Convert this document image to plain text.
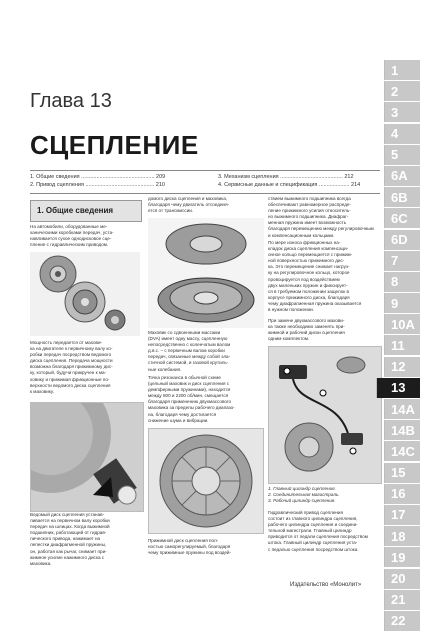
Глава 13
СЦЕПЛЕНИЕ
1. Общие сведения ................................................ 209
2. Привод сцепления ............................................. 210
3. Механизм сцепления ......................................... 212
4. Сервисные данные и спецификация .................... 214
1. Общие сведения
На автомобили, оборудованные ме-
ханическими коробками передач, уста-
навливается сухое однодисковое сце-
пление с гидравлическим приводом.
Мощность передается от махови-
ка на двигателе к первичному валу ко-
робки передач посредством ведомого
диска сцепления. Передача мощности
возможна благодаря прижимному дис-
ку, который, будучи прикручен к ма-
ховику и прижимая фрикционные по-
верхности ведомого диска сцепления
к маховику.
Ведомый диск сцепления устанав-
ливается на первичном валу коробки
передач на шлицах. Когда выжимной
подшипник, работающий от гидрав-
лического привода, нажимает на
лепестки диафрагменной пружины,
он, работая как рычаг, снимает при-
жимное усилие нажимного диска с
маховика.
домого диска сцепления и маховика,
благодаря чему двигатель отсоединя-
ется от трансмиссии.
Маховик со сдвоенными массами
(DVA) имеет одну массу, сцепленную
непосредственно с коленчатым валом
д.в.с. – с первичным валом коробки
передач, связанные между собой эла-
стичной системой, и газовой крутиль-
ные колебания.
Точка резонанса в обычной схеме
(цельный маховик и диск сцепления с
демпферными пружинами), находится
между 800 и 2200 об/мин, смещается
благодаря применению двухмассового
маховика за пределы рабочего диапазо-
на, благодаря чему достигается
снижение шума и вибрации.
Прижимной диск сцепления пол-
ностью саморегулируемый, благодаря
чему прижимные пружины под воздей-
ствием выжимного подшипника всегда
обеспечивают равномерное распреде-
ление прижимного усилия относитель-
но выжимного подшипника. Диафраг-
менная пружина имеет возможность
благодаря перемещению между регулировочным
и компенсационным кольцами.
По мере износа фрикционных на-
кладок диска сцепления компенсаци-
онное кольцо перемещается с прижим-
ной поверхностью прижимного дис-
ка. Это перемещение снижает нагруз-
ку на регулировочное кольцо, которое
провоцируется под воздействием
двух маленьких пружин и фиксирует-
ся в требуемом положении защелок в
корпусе прижимного диска, благодаря
чему диафрагменная пружина оказывается
в нужном положении.
При замене двухмассового махови-
ка также необходимо заменять при-
жимной и рабочий диски сцепления
одним комплектом.
1. Главный цилиндр сцепления.
2. Соединительная магистраль.
3. Рабочий цилиндр сцепления.
Гидравлический привод сцепления
состоит из главного цилиндра сцепления,
рабочего цилиндра сцепления и соедини-
тельной магистрали. Главный цилиндр
приводится от педали сцепления посредством
штока. Главный цилиндр сцепления уста-
с педалью сцепления посредством штока.
Издательство «Монолит»
1
2
3
4
5
6A
6B
6C
6D
7
8
9
10A
11
12
13
14A
14B
14C
15
16
17
18
19
20
21
22
